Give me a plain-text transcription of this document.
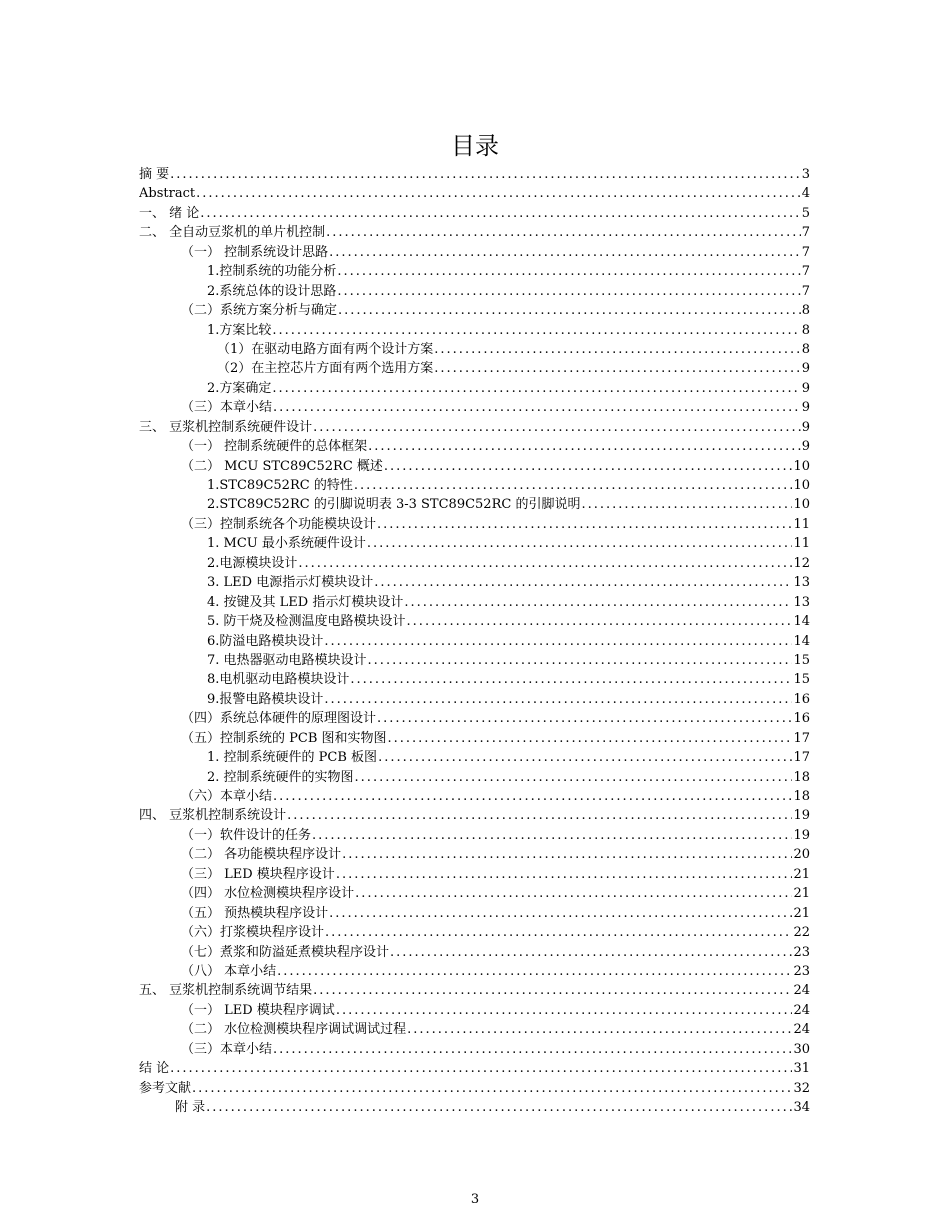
目录
摘 要 .....	3
Abstract .....	4
一、 绪 论 .....	5
二、 全自动豆浆机的单片机控制 .....	7
（一） 控制系统设计思路 .....	7
1.控制系统的功能分析 .....	7
2.系统总体的设计思路 .....	7
（二）系统方案分析与确定 .....	8
1.方案比较 .....	8
（1）在驱动电路方面有两个设计方案 .....	8
（2）在主控芯片方面有两个选用方案 .....	9
2.方案确定 .....	9
（三）本章小结 .....	9
三、 豆浆机控制系统硬件设计 .....	9
（一） 控制系统硬件的总体框架 .....	9
（二） MCU STC89C52RC 概述 .....	10
1.STC89C52RC 的特性 .....	10
2.STC89C52RC 的引脚说明表 3-3 STC89C52RC 的引脚说明 .....	10
（三）控制系统各个功能模块设计 .....	11
1. MCU 最小系统硬件设计 .....	11
2.电源模块设计 .....	12
3. LED 电源指示灯模块设计 .....	13
4. 按键及其 LED 指示灯模块设计 .....	13
5. 防干烧及检测温度电路模块设计 .....	14
6.防溢电路模块设计 .....	14
7. 电热器驱动电路模块设计 .....	15
8.电机驱动电路模块设计 .....	15
9.报警电路模块设计 .....	16
（四）系统总体硬件的原理图设计 .....	16
（五）控制系统的 PCB 图和实物图 .....	17
1. 控制系统硬件的 PCB 板图 .....	17
2. 控制系统硬件的实物图 .....	18
（六）本章小结 .....	18
四、 豆浆机控制系统设计 .....	19
（一）软件设计的任务 .....	19
（二） 各功能模块程序设计 .....	20
（三） LED 模块程序设计 .....	21
（四） 水位检测模块程序设计 .....	21
（五） 预热模块程序设计 .....	21
（六）打浆模块程序设计 .....	22
（七）煮浆和防溢延煮模块程序设计 .....	23
（八） 本章小结 .....	23
五、 豆浆机控制系统调节结果 .....	24
（一） LED 模块程序调试 .....	24
（二） 水位检测模块程序调试调试过程 .....	24
（三）本章小结 .....	30
结 论 .....	31
参考文献 .....	32
附 录 .....	34
3
